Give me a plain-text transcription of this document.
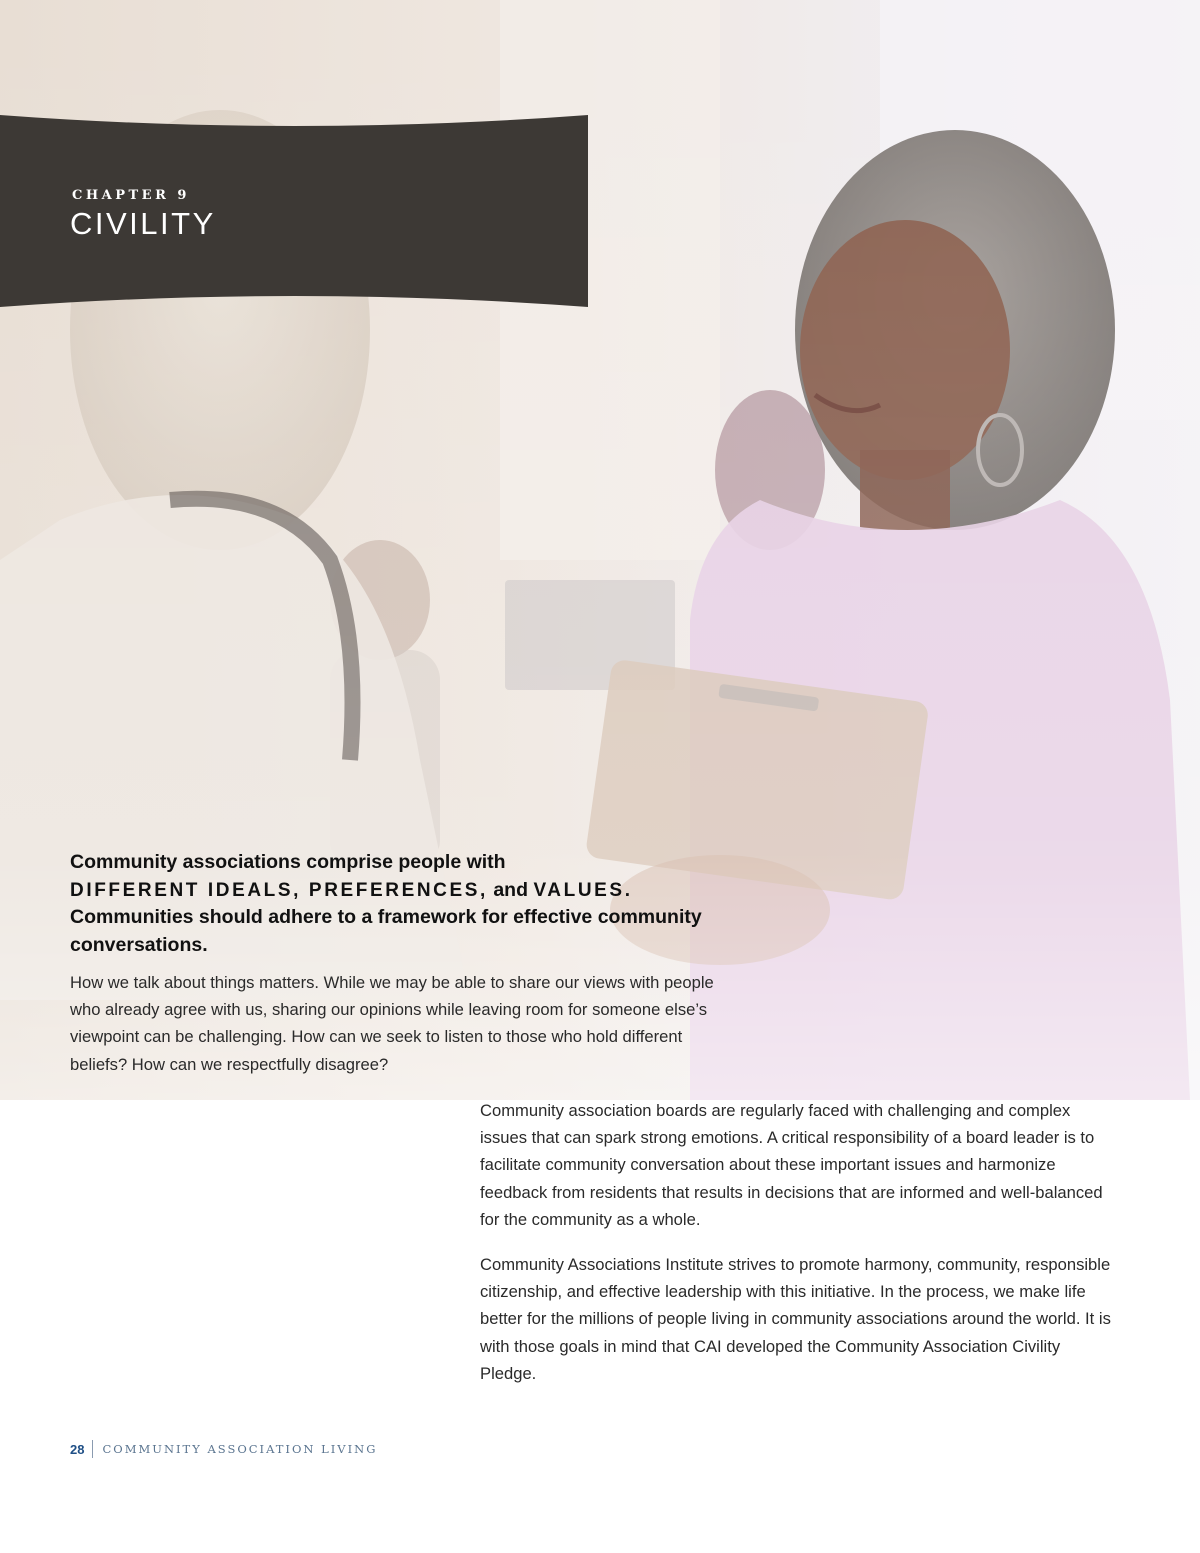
CHAPTER 9
CIVILITY

Community associations comprise people with
DIFFERENT IDEALS, PREFERENCES, and VALUES.
Communities should adhere to a framework for effective community conversations.

How we talk about things matters. While we may be able to share our views with people who already agree with us, sharing our opinions while leaving room for someone else’s viewpoint can be challenging. How can we seek to listen to those who hold different beliefs? How can we respectfully disagree?

Community association boards are regularly faced with challenging and complex issues that can spark strong emotions. A critical responsibility of a board leader is to facilitate community conversation about these important issues and harmonize feedback from residents that results in decisions that are informed and well-balanced for the community as a whole.

Community Associations Institute strives to promote harmony, community, responsible citizenship, and effective leadership with this initiative. In the process, we make life better for the millions of people living in community associations around the world. It is with those goals in mind that CAI developed the Community Association Civility Pledge.

28 COMMUNITY ASSOCIATION LIVING
